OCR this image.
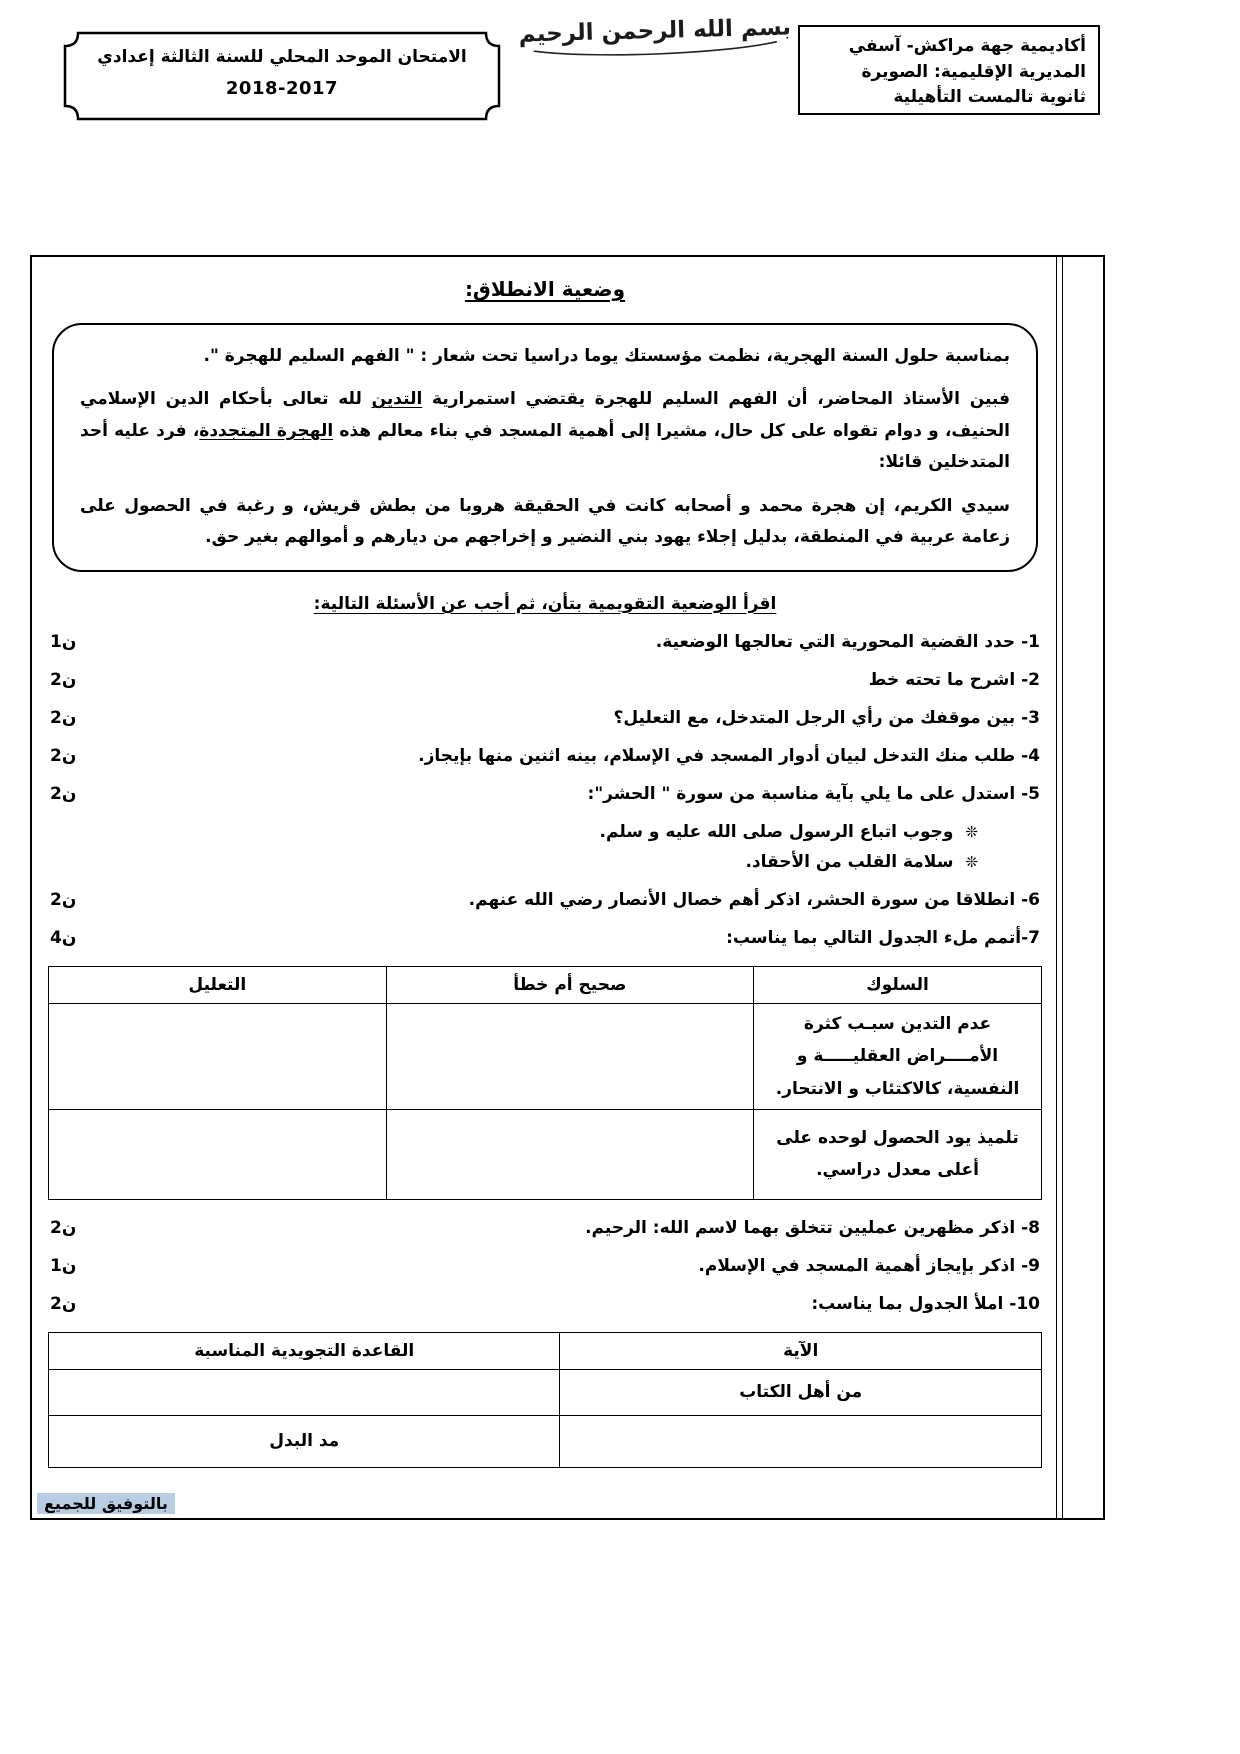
الامتحان الموحد المحلي للسنة الثالثة إعدادي
2018-2017
بسم الله الرحمن الرحيم	أكاديمية جهة مراكش- آسفي
المديرية الإقليمية: الصويرة
ثانوية تالمست التأهيلية
وضعية الانطلاق:

بمناسبة حلول السنة الهجرية، نظمت مؤسستك يوما دراسيا تحت شعار : " الفهم السليم للهجرة ".

فبين الأستاذ المحاضر، أن الفهم السليم للهجرة يقتضي استمرارية التدين لله تعالى بأحكام الدين الإسلامي الحنيف، و دوام تقواه على كل حال، مشيرا إلى أهمية المسجد في بناء معالم هذه الهجرة المتجددة، فرد عليه أحد المتدخلين قائلا:

سيدي الكريم، إن هجرة محمد و أصحابه كانت في الحقيقة هروبا من بطش قريش، و رغبة في الحصول على زعامة عربية في المنطقة، بدليل إجلاء يهود بني النضير و إخراجهم من ديارهم و أموالهم بغير حق.

اقرأ الوضعية التقويمية بتأن، ثم أجب عن الأسئلة التالية:
1- حدد القضية المحورية التي تعالجها الوضعية.
ن1
2- اشرح ما تحته خط
ن2
3- بين موقفك من رأي الرجل المتدخل، مع التعليل؟
ن2
4- طلب منك التدخل لبيان أدوار المسجد في الإسلام، بينه اثنين منها بإيجاز.
ن2
5- استدل على ما يلي بآية مناسبة من سورة " الحشر":
ن2
❊
وجوب اتباع الرسول صلى الله عليه و سلم.
❊
سلامة القلب من الأحقاد.
6- انطلاقا من سورة الحشر، اذكر أهم خصال الأنصار رضي الله عنهم.
ن2
7-أتمم ملء الجدول التالي بما يناسب:
ن4
السلوك	صحيح أم خطأ	التعليل
عدم التدين سبـب كثرة الأمــــراض العقليـــــة و النفسية، كالاكتئاب و الانتحار.		
تلميذ يود الحصول لوحده على أعلى معدل دراسي.		
8- اذكر مظهرين عمليين تتخلق بهما لاسم الله: الرحيم.
ن2
9- اذكر بإيجاز أهمية المسجد في الإسلام.
ن1
10- املأ الجدول بما يناسب:
ن2
الآية	القاعدة التجويدية المناسبة
من أهل الكتاب	
	مد البدل
بالتوفيق للجميع
